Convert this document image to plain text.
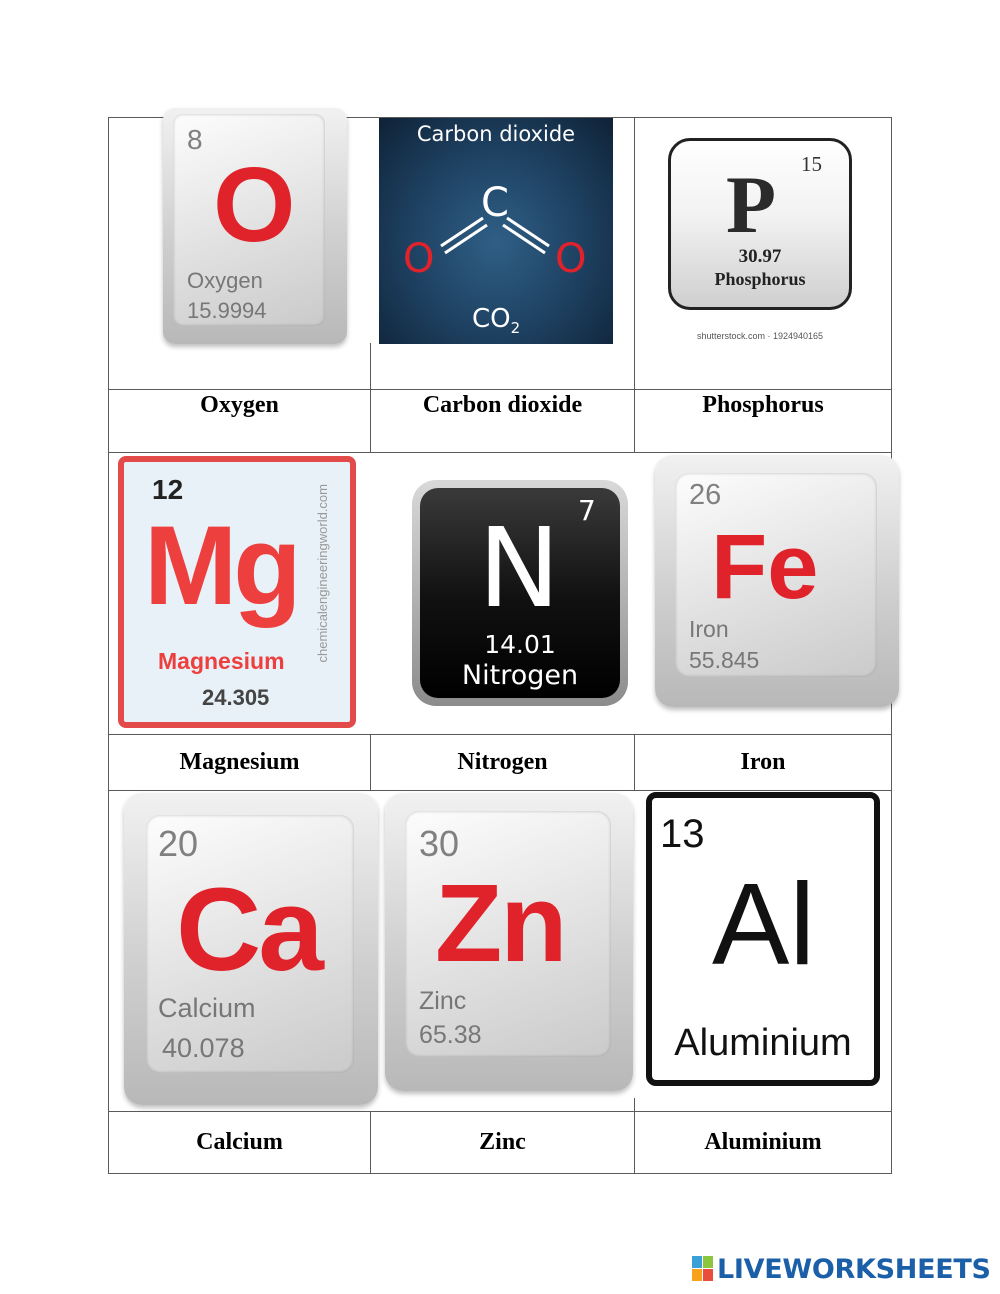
8
O
Oxygen
15.9994
Carbon dioxide
C
O	O
$CO_2$
15
P
30.97
Phosphorus
shutterstock.com · 1924940165
Oxygen	Carbon dioxide	Phosphorus
12
Mg
Magnesium
24.305
chemicalengineeringworld.com	7
N
14.01
Nitrogen
26
Fe
Iron
55.845
Magnesium	Nitrogen	Iron
20
Ca
Calcium
40.078
30
Zn
Zinc
65.38
13
Al
Aluminium
Calcium	Zinc	Aluminium
LIVEWORKSHEETS
